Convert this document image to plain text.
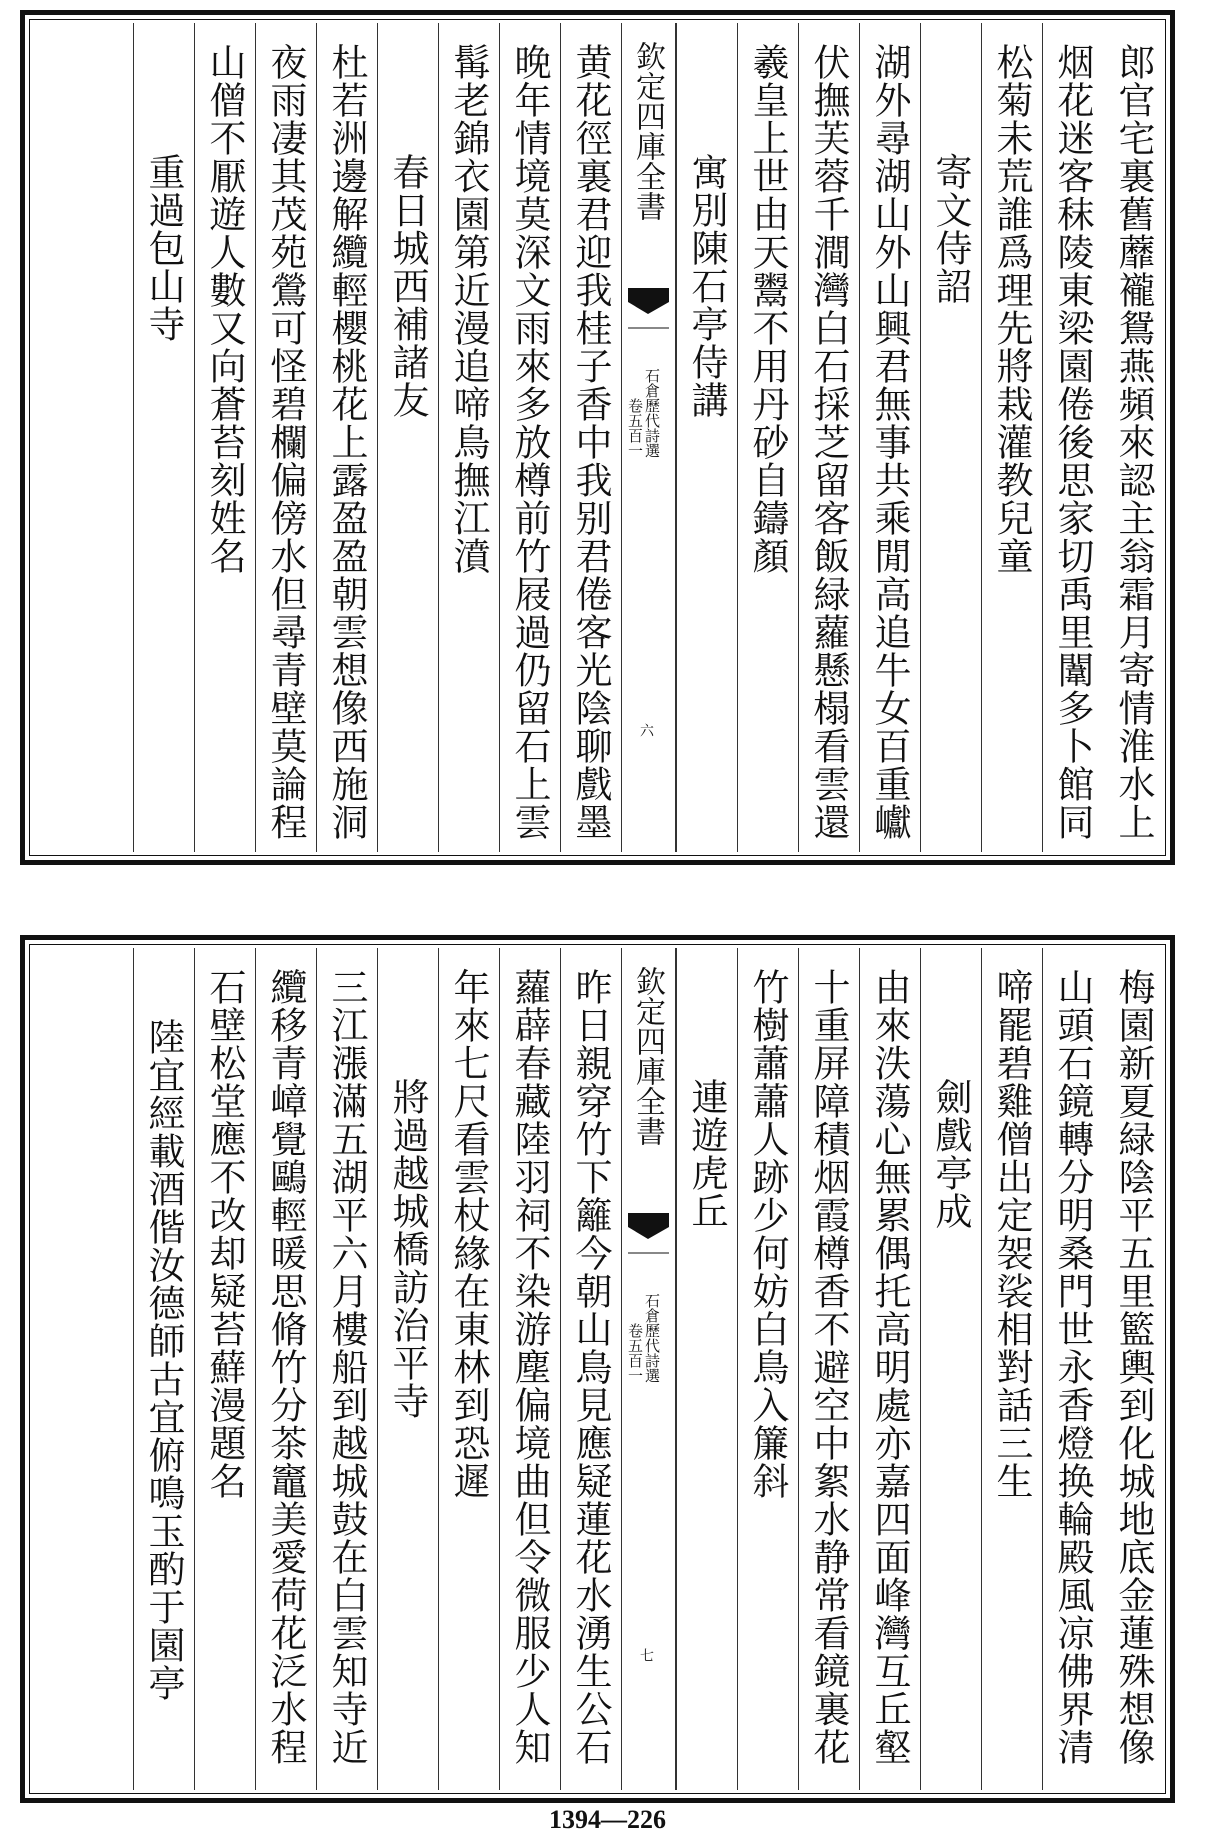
郎官宅裏舊蘼襱鴛燕頻來認主翁霜月寄情淮水上
烟花迷客秣陵東梁園倦後思家切禹里闈多卜館同
松菊未荒誰爲理先將栽灌教兒童
寄文侍詔
湖外尋湖山外山興君無事共乘閒高追牛女百重巘
伏撫芙蓉千澗灣白石採芝留客飯緑蘿懸榻看雲還
羲皇上世由天鬻不用丹砂自鑄顏
寓別陳石亭侍講
欽定四庫全書
石倉歷代詩選
卷五百一
六
黄花徑裏君迎我桂子香中我别君倦客光陰聊戲墨
晚年情境莫深文雨來多放樽前竹屐過仍留石上雲
髯老錦衣園第近漫追啼鳥撫江濆
春日城西補諸友
杜若洲邊解纜輕櫻桃花上露盈盈朝雲想像西施洞
夜雨凄其茂苑鶯可怪碧欄偏傍水但尋青壁莫論程
山僧不厭遊人數又向蒼苔刻姓名
重過包山寺
梅園新夏緑陰平五里籃輿到化城地底金蓮殊想像
山頭石鏡轉分明桑門世永香燈换輪殿風凉佛界清
啼罷碧雞僧出定袈裟相對話三生
劍戲亭成
由來泆蕩心無累偶托高明處亦嘉四面峰灣互丘壑
十重屏障積烟霞樽香不避空中絮水静常看鏡裏花
竹樹蕭蕭人跡少何妨白鳥入簾斜
連遊虎丘
欽定四庫全書
石倉歷代詩選
卷五百一
七
昨日親穿竹下籬今朝山鳥見應疑蓮花水湧生公石
蘿薜春藏陸羽祠不染游塵偏境曲但令微服少人知
年來七尺看雲杖緣在東林到恐遲
將過越城橋訪治平寺
三江漲滿五湖平六月樓船到越城鼓在白雲知寺近
纜移青嶂覺鷗輕暖思脩竹分茶竈美愛荷花泛水程
石壁松堂應不改却疑苔蘚漫題名
陸宜經載酒偕汝德師古宜俯鳴玉酌于園亭
1394—226
